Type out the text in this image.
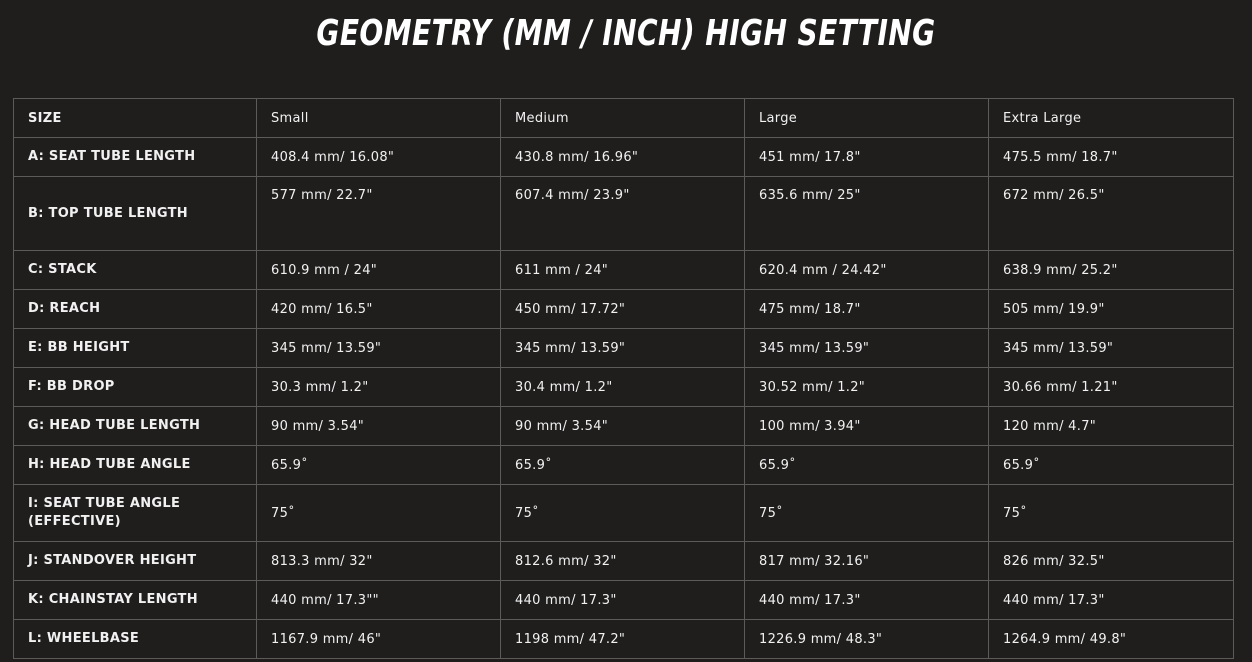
GEOMETRY (MM / INCH) HIGH SETTING
SIZE	Small	Medium	Large	Extra Large
A: SEAT TUBE LENGTH	408.4 mm/ 16.08"	430.8 mm/ 16.96"	451 mm/ 17.8"	475.5 mm/ 18.7"
B: TOP TUBE LENGTH	577 mm/ 22.7"	607.4 mm/ 23.9"	635.6 mm/ 25"	672 mm/ 26.5"
C: STACK	610.9 mm / 24"	611 mm / 24"	620.4 mm / 24.42"	638.9 mm/ 25.2"
D: REACH	420 mm/ 16.5"	450 mm/ 17.72"	475 mm/ 18.7"	505 mm/ 19.9"
E: BB HEIGHT	345 mm/ 13.59"	345 mm/ 13.59"	345 mm/ 13.59"	345 mm/ 13.59"
F: BB DROP	30.3 mm/ 1.2"	30.4 mm/ 1.2"	30.52 mm/ 1.2"	30.66 mm/ 1.21"
G: HEAD TUBE LENGTH	90 mm/ 3.54"	90 mm/ 3.54"	100 mm/ 3.94"	120 mm/ 4.7"
H: HEAD TUBE ANGLE	65.9˚	65.9˚	65.9˚	65.9˚
I: SEAT TUBE ANGLE (EFFECTIVE)	75˚	75˚	75˚	75˚
J: STANDOVER HEIGHT	813.3 mm/ 32"	812.6 mm/ 32"	817 mm/ 32.16"	826 mm/ 32.5"
K: CHAINSTAY LENGTH	440 mm/ 17.3""	440 mm/ 17.3"	440 mm/ 17.3"	440 mm/ 17.3"
L: WHEELBASE	1167.9 mm/ 46"	1198 mm/ 47.2"	1226.9 mm/ 48.3"	1264.9 mm/ 49.8"
